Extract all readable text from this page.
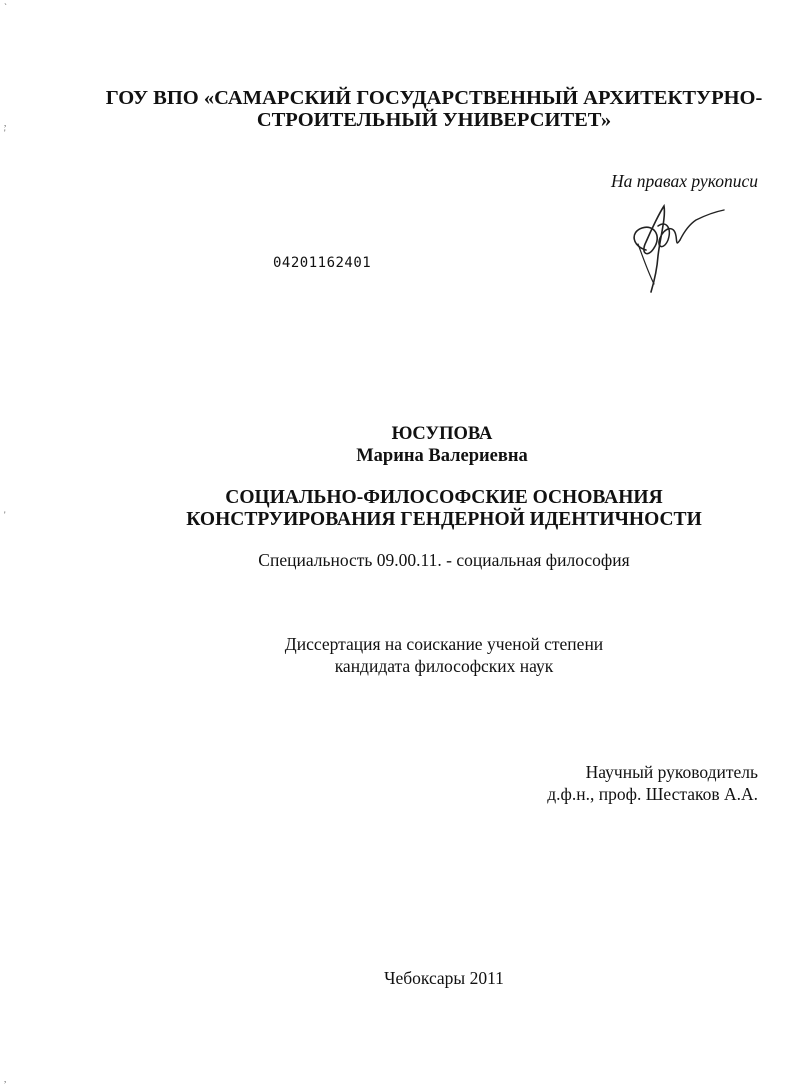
ГОУ ВПО «САМАРСКИЙ ГОСУДАРСТВЕННЫЙ АРХИТЕКТУРНО-
СТРОИТЕЛЬНЫЙ УНИВЕРСИТЕТ»
На правах рукописи
04201162401
ЮСУПОВА
Марина Валериевна
СОЦИАЛЬНО-ФИЛОСОФСКИЕ ОСНОВАНИЯ
КОНСТРУИРОВАНИЯ ГЕНДЕРНОЙ ИДЕНТИЧНОСТИ
Специальность 09.00.11. - социальная философия
Диссертация на соискание ученой степени
кандидата философских наук
Научный руководитель
д.ф.н., проф. Шестаков А.А.
Чебоксары 2011
`
,
'
'
,
